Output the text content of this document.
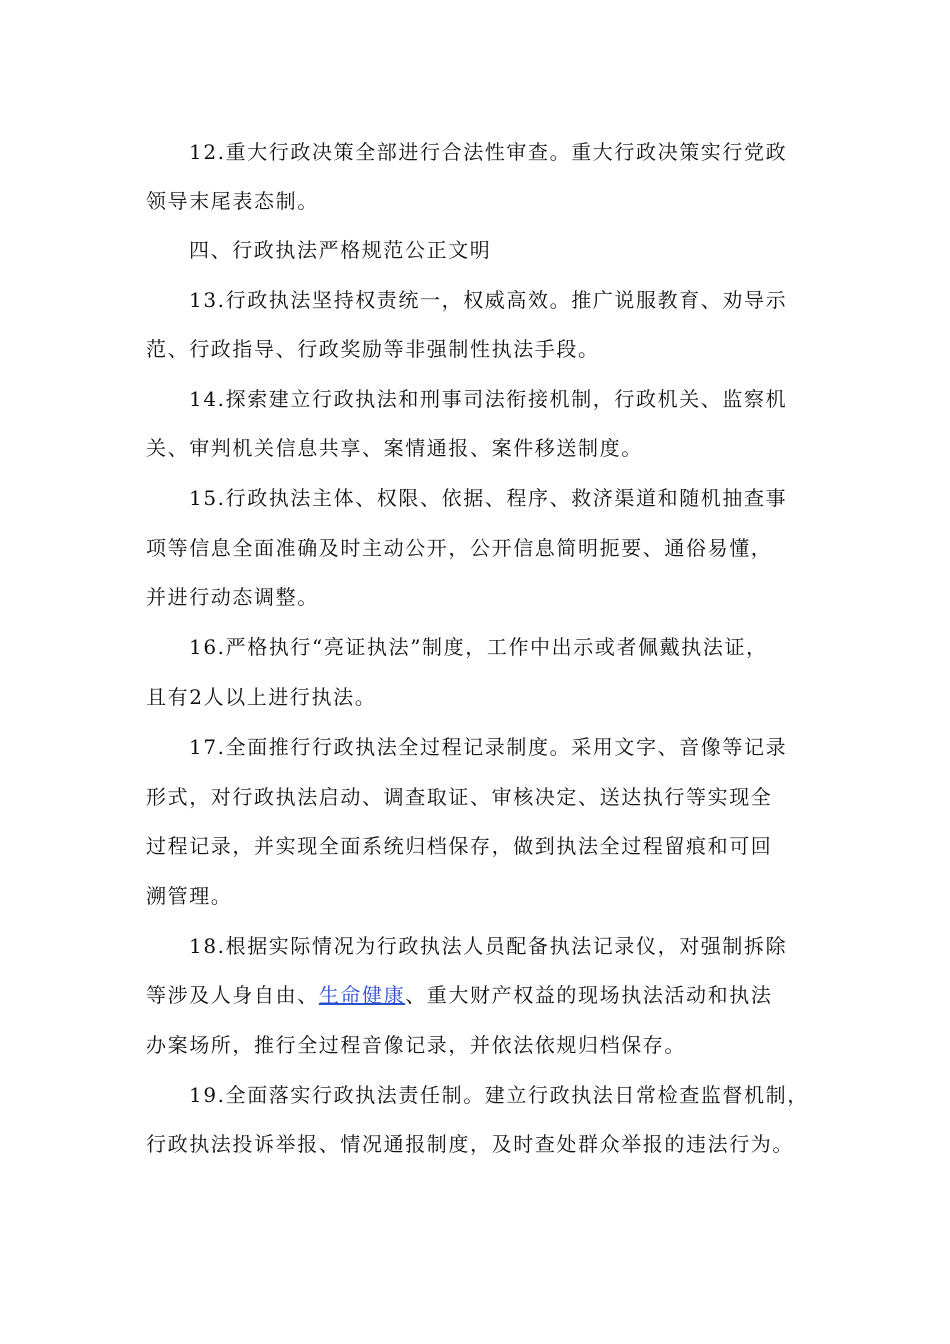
12.重大行政决策全部进行合法性审查。重大行政决策实行党政
领导末尾表态制。
四、行政执法严格规范公正文明
13.行政执法坚持权责统一，权威高效。推广说服教育、劝导示
范、行政指导、行政奖励等非强制性执法手段。
14.探索建立行政执法和刑事司法衔接机制，行政机关、监察机
关、审判机关信息共享、案情通报、案件移送制度。
15.行政执法主体、权限、依据、程序、救济渠道和随机抽查事
项等信息全面准确及时主动公开，公开信息简明扼要、通俗易懂，
并进行动态调整。
16.严格执行“亮证执法”制度，工作中出示或者佩戴执法证，
且有2人以上进行执法。
17.全面推行行政执法全过程记录制度。采用文字、音像等记录
形式，对行政执法启动、调查取证、审核决定、送达执行等实现全
过程记录，并实现全面系统归档保存，做到执法全过程留痕和可回
溯管理。
18.根据实际情况为行政执法人员配备执法记录仪，对强制拆除
等涉及人身自由、生命健康、重大财产权益的现场执法活动和执法
办案场所，推行全过程音像记录，并依法依规归档保存。
19.全面落实行政执法责任制。建立行政执法日常检查监督机制，
行政执法投诉举报、情况通报制度，及时查处群众举报的违法行为。
